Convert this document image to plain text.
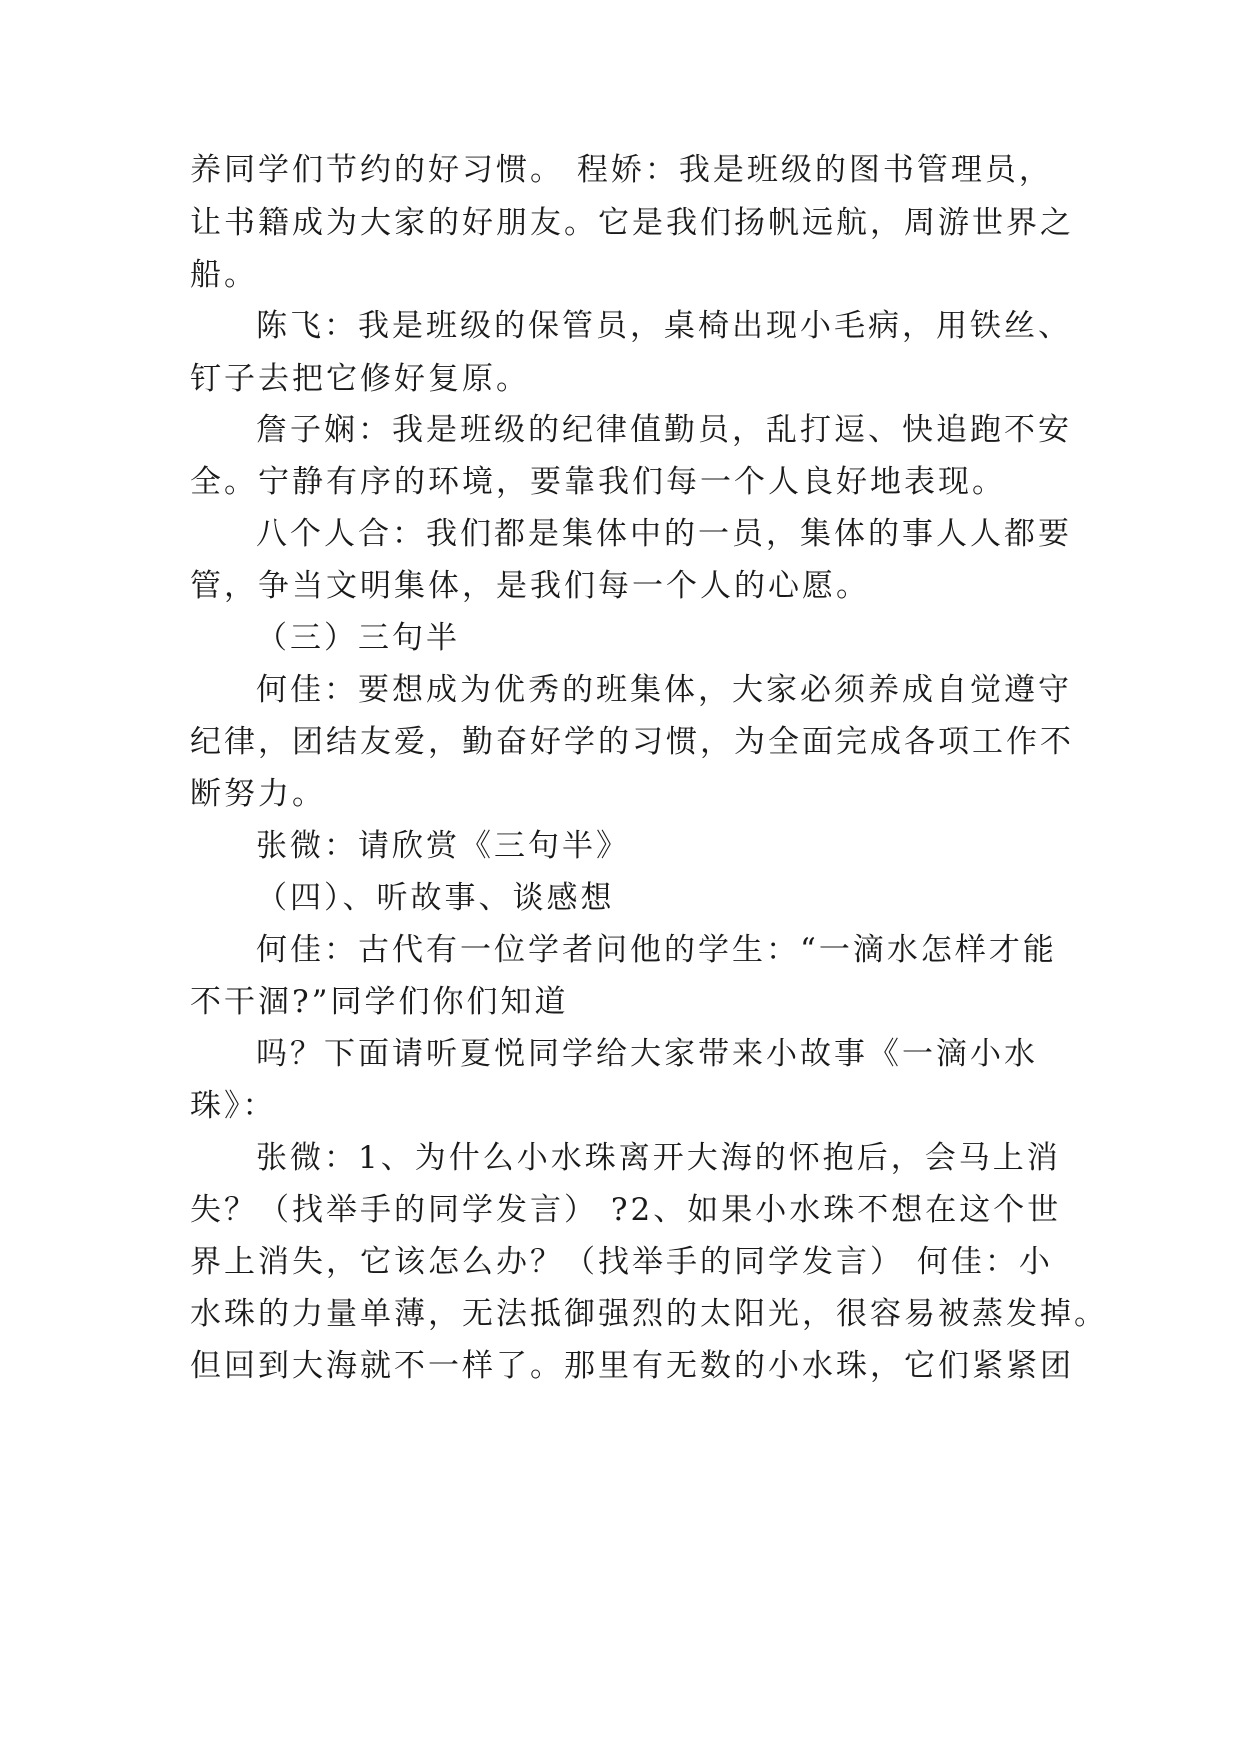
养同学们节约的好习惯。 程娇：我是班级的图书管理员，
让书籍成为大家的好朋友。它是我们扬帆远航，周游世界之
船。
陈飞：我是班级的保管员，桌椅出现小毛病，用铁丝、
钉子去把它修好复原。
詹子娴：我是班级的纪律值勤员，乱打逗、快追跑不安
全。宁静有序的环境，要靠我们每一个人良好地表现。
八个人合：我们都是集体中的一员，集体的事人人都要
管，争当文明集体，是我们每一个人的心愿。
（三）三句半
何佳：要想成为优秀的班集体，大家必须养成自觉遵守
纪律，团结友爱，勤奋好学的习惯，为全面完成各项工作不
断努力。
张微：请欣赏《三句半》
（四）、听故事、谈感想
何佳：古代有一位学者问他的学生：“一滴水怎样才能
不干涸?”同学们你们知道
吗？下面请听夏悦同学给大家带来小故事《一滴小水
珠》：
张微：1、为什么小水珠离开大海的怀抱后，会马上消
失？（找举手的同学发言） ?2、如果小水珠不想在这个世
界上消失，它该怎么办？（找举手的同学发言） 何佳：小
水珠的力量单薄，无法抵御强烈的太阳光，很容易被蒸发掉。
但回到大海就不一样了。那里有无数的小水珠，它们紧紧团
